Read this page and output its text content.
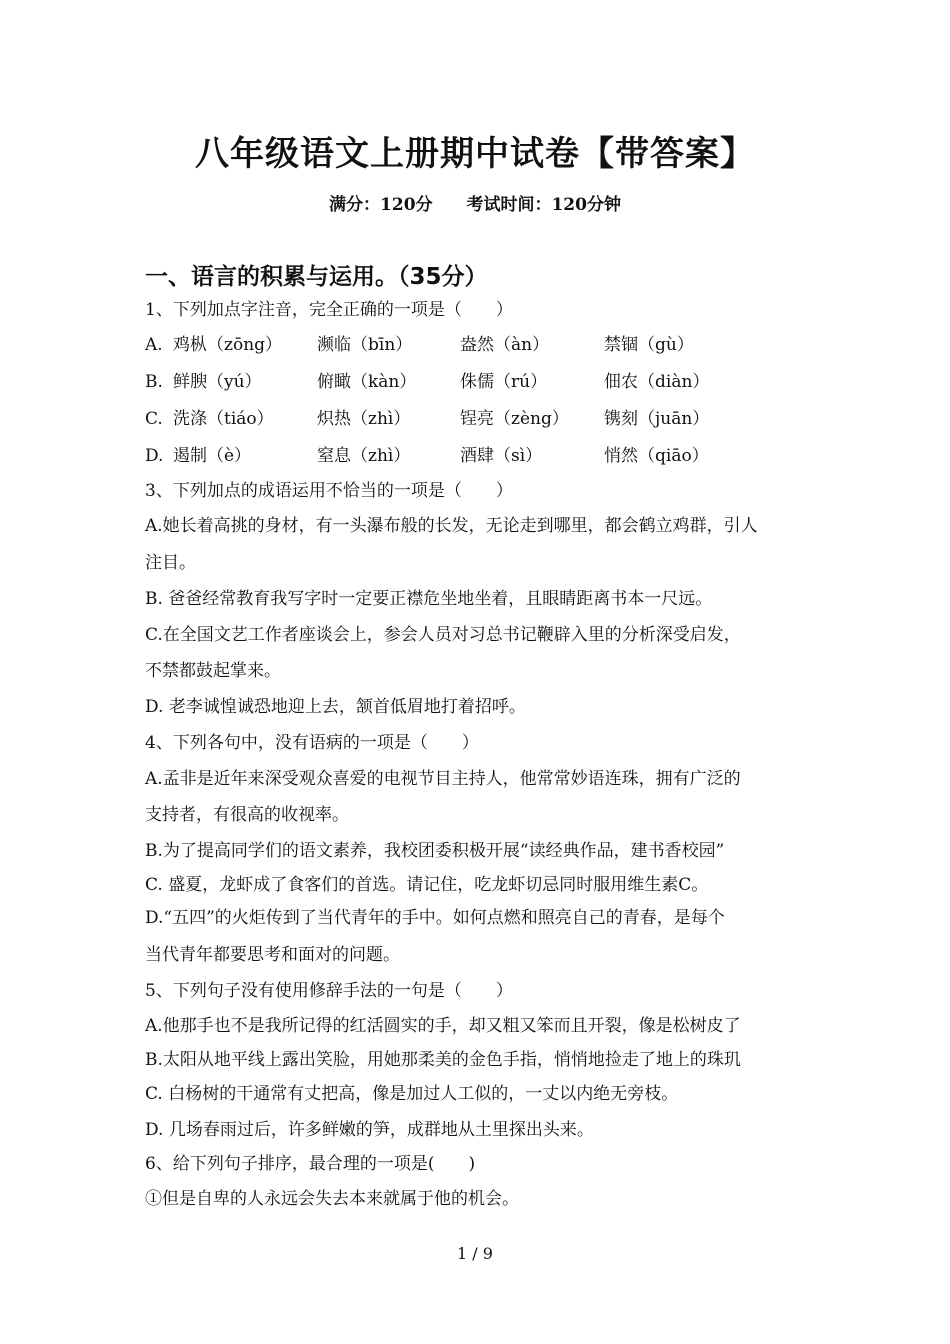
八年级语文上册期中试卷【带答案】
满分：120分 考试时间：120分钟
一、语言的积累与运用。（35分）
1、下列加点字注音，完全正确的一项是（　　）
A. 鸡枞（zōng） 濒临（bīn）	盎然（àn）	禁锢（gù）
B. 鲜腴（yú）	俯瞰（kàn）	侏儒（rú）	佃农（diàn）
C. 洗涤（tiáo）	炽热（zhì）	锃亮（zèng） 镌刻（juān）
D. 遏制（è）	窒息（zhì）	酒肆（sì）	悄然（qiāo）
3、下列加点的成语运用不恰当的一项是（　　）
A.她长着高挑的身材，有一头瀑布般的长发，无论走到哪里，都会鹤立鸡群，引人
注目。
B. 爸爸经常教育我写字时一定要正襟危坐地坐着，且眼睛距离书本一尺远。
C.在全国文艺工作者座谈会上，参会人员对习总书记鞭辟入里的分析深受启发，
不禁都鼓起掌来。
D. 老李诚惶诚恐地迎上去，颔首低眉地打着招呼。
4、下列各句中，没有语病的一项是（　　）
A.孟非是近年来深受观众喜爱的电视节目主持人，他常常妙语连珠，拥有广泛的
支持者，有很高的收视率。
B.为了提高同学们的语文素养，我校团委积极开展“读经典作品，建书香校园”
C. 盛夏，龙虾成了食客们的首选。请记住，吃龙虾切忌同时服用维生素C。
D.“五四”的火炬传到了当代青年的手中。如何点燃和照亮自己的青春，是每个
当代青年都要思考和面对的问题。
5、下列句子没有使用修辞手法的一句是（　　）
A.他那手也不是我所记得的红活圆实的手，却又粗又笨而且开裂，像是松树皮了
B.太阳从地平线上露出笑脸，用她那柔美的金色手指，悄悄地捡走了地上的珠玑
C. 白杨树的干通常有丈把高，像是加过人工似的，一丈以内绝无旁枝。
D. 几场春雨过后，许多鲜嫩的笋，成群地从土里探出头来。
6、给下列句子排序，最合理的一项是(　　)
①但是自卑的人永远会失去本来就属于他的机会。
1 / 9
